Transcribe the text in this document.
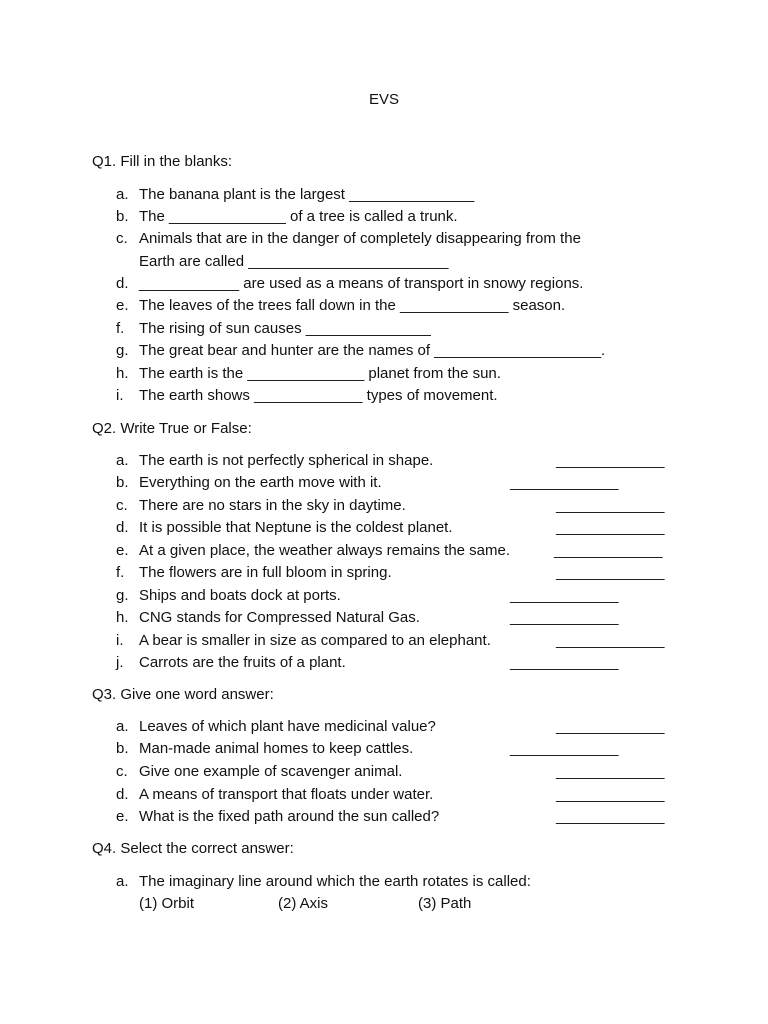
EVS
Q1. Fill in the blanks:
a. The banana plant is the largest _______________
b. The ______________ of a tree is called a trunk.
c. Animals that are in the danger of completely disappearing from the
Earth are called ________________________
d. ____________ are used as a means of transport in snowy regions.
e. The leaves of the trees fall down in the _____________ season.
f. The rising of sun causes _______________
g. The great bear and hunter are the names of ____________________.
h. The earth is the ______________ planet from the sun.
i. The earth shows _____________ types of movement.
Q2. Write True or False:
a. The earth is not perfectly spherical in shape.	_____________
b. Everything on the earth move with it.	_____________
c. There are no stars in the sky in daytime.	_____________
d. It is possible that Neptune is the coldest planet.	_____________
e. At a given place, the weather always remains the same.	_____________
f. The flowers are in full bloom in spring.	_____________
g. Ships and boats dock at ports.	_____________
h. CNG stands for Compressed Natural Gas.	_____________
i. A bear is smaller in size as compared to an elephant.	_____________
j. Carrots are the fruits of a plant.	_____________
Q3. Give one word answer:
a. Leaves of which plant have medicinal value?	_____________
b. Man-made animal homes to keep cattles.	_____________
c. Give one example of scavenger animal.	_____________
d. A means of transport that floats under water.	_____________
e. What is the fixed path around the sun called?	_____________
Q4. Select the correct answer:
a. The imaginary line around which the earth rotates is called:
(1) Orbit	(2) Axis	(3) Path
